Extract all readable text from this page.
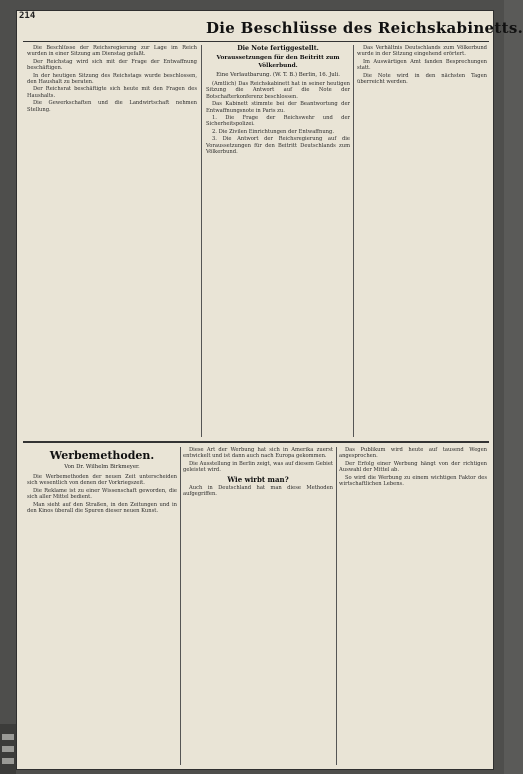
214
Die Beschlüsse des Reichskabinetts.

Die Beschlüsse der Reichsregierung zur Lage im Reich wurden in einer Sitzung am Dienstag gefaßt.

Der Reichstag wird sich mit der Frage der Entwaffnung beschäftigen.

In der heutigen Sitzung des Reichstags wurde beschlossen, den Haushalt zu beraten.

Der Reichsrat beschäftigte sich heute mit den Fragen des Haushalts.

Die Gewerkschaften und die Landwirtschaft nehmen Stellung.

Die Note fertiggestellt.
Voraussetzungen für den Beitritt zum Völkerbund.
Eine Verlautbarung. (W. T. B.) Berlin, 16. Juli.

(Amtlich) Das Reichskabinett hat in seiner heutigen Sitzung die Antwort auf die Note der Botschafterkonferenz beschlossen.

Das Kabinett stimmte bei der Beantwortung der Entwaffnungsnote in Paris zu.

1. Die Frage der Reichswehr und der Sicherheitspolizei.

2. Die Zivilen Einrichtungen der Entwaffnung.

3. Die Antwort der Reichsregierung auf die Voraussetzungen für den Beitritt Deutschlands zum Völkerbund.

Das Verhältnis Deutschlands zum Völkerbund wurde in der Sitzung eingehend erörtert.

Im Auswärtigen Amt fanden Besprechungen statt.

Die Note wird in den nächsten Tagen überreicht werden.

Werbemethoden.
Von Dr. Wilhelm Birkmeyer.

Die Werbemethoden der neuen Zeit unterscheiden sich wesentlich von denen der Vorkriegszeit.

Die Reklame ist zu einer Wissenschaft geworden, die sich aller Mittel bedient.

Man sieht auf den Straßen, in den Zeitungen und in den Kinos überall die Spuren dieser neuen Kunst.

Diese Art der Werbung hat sich in Amerika zuerst entwickelt und ist dann auch nach Europa gekommen.

Die Ausstellung in Berlin zeigt, was auf diesem Gebiet geleistet wird.

Wie wirbt man?

Auch in Deutschland hat man diese Methoden aufgegriffen.

Das Publikum wird heute auf tausend Wegen angesprochen.

Der Erfolg einer Werbung hängt von der richtigen Auswahl der Mittel ab.

So wird die Werbung zu einem wichtigen Faktor des wirtschaftlichen Lebens.
